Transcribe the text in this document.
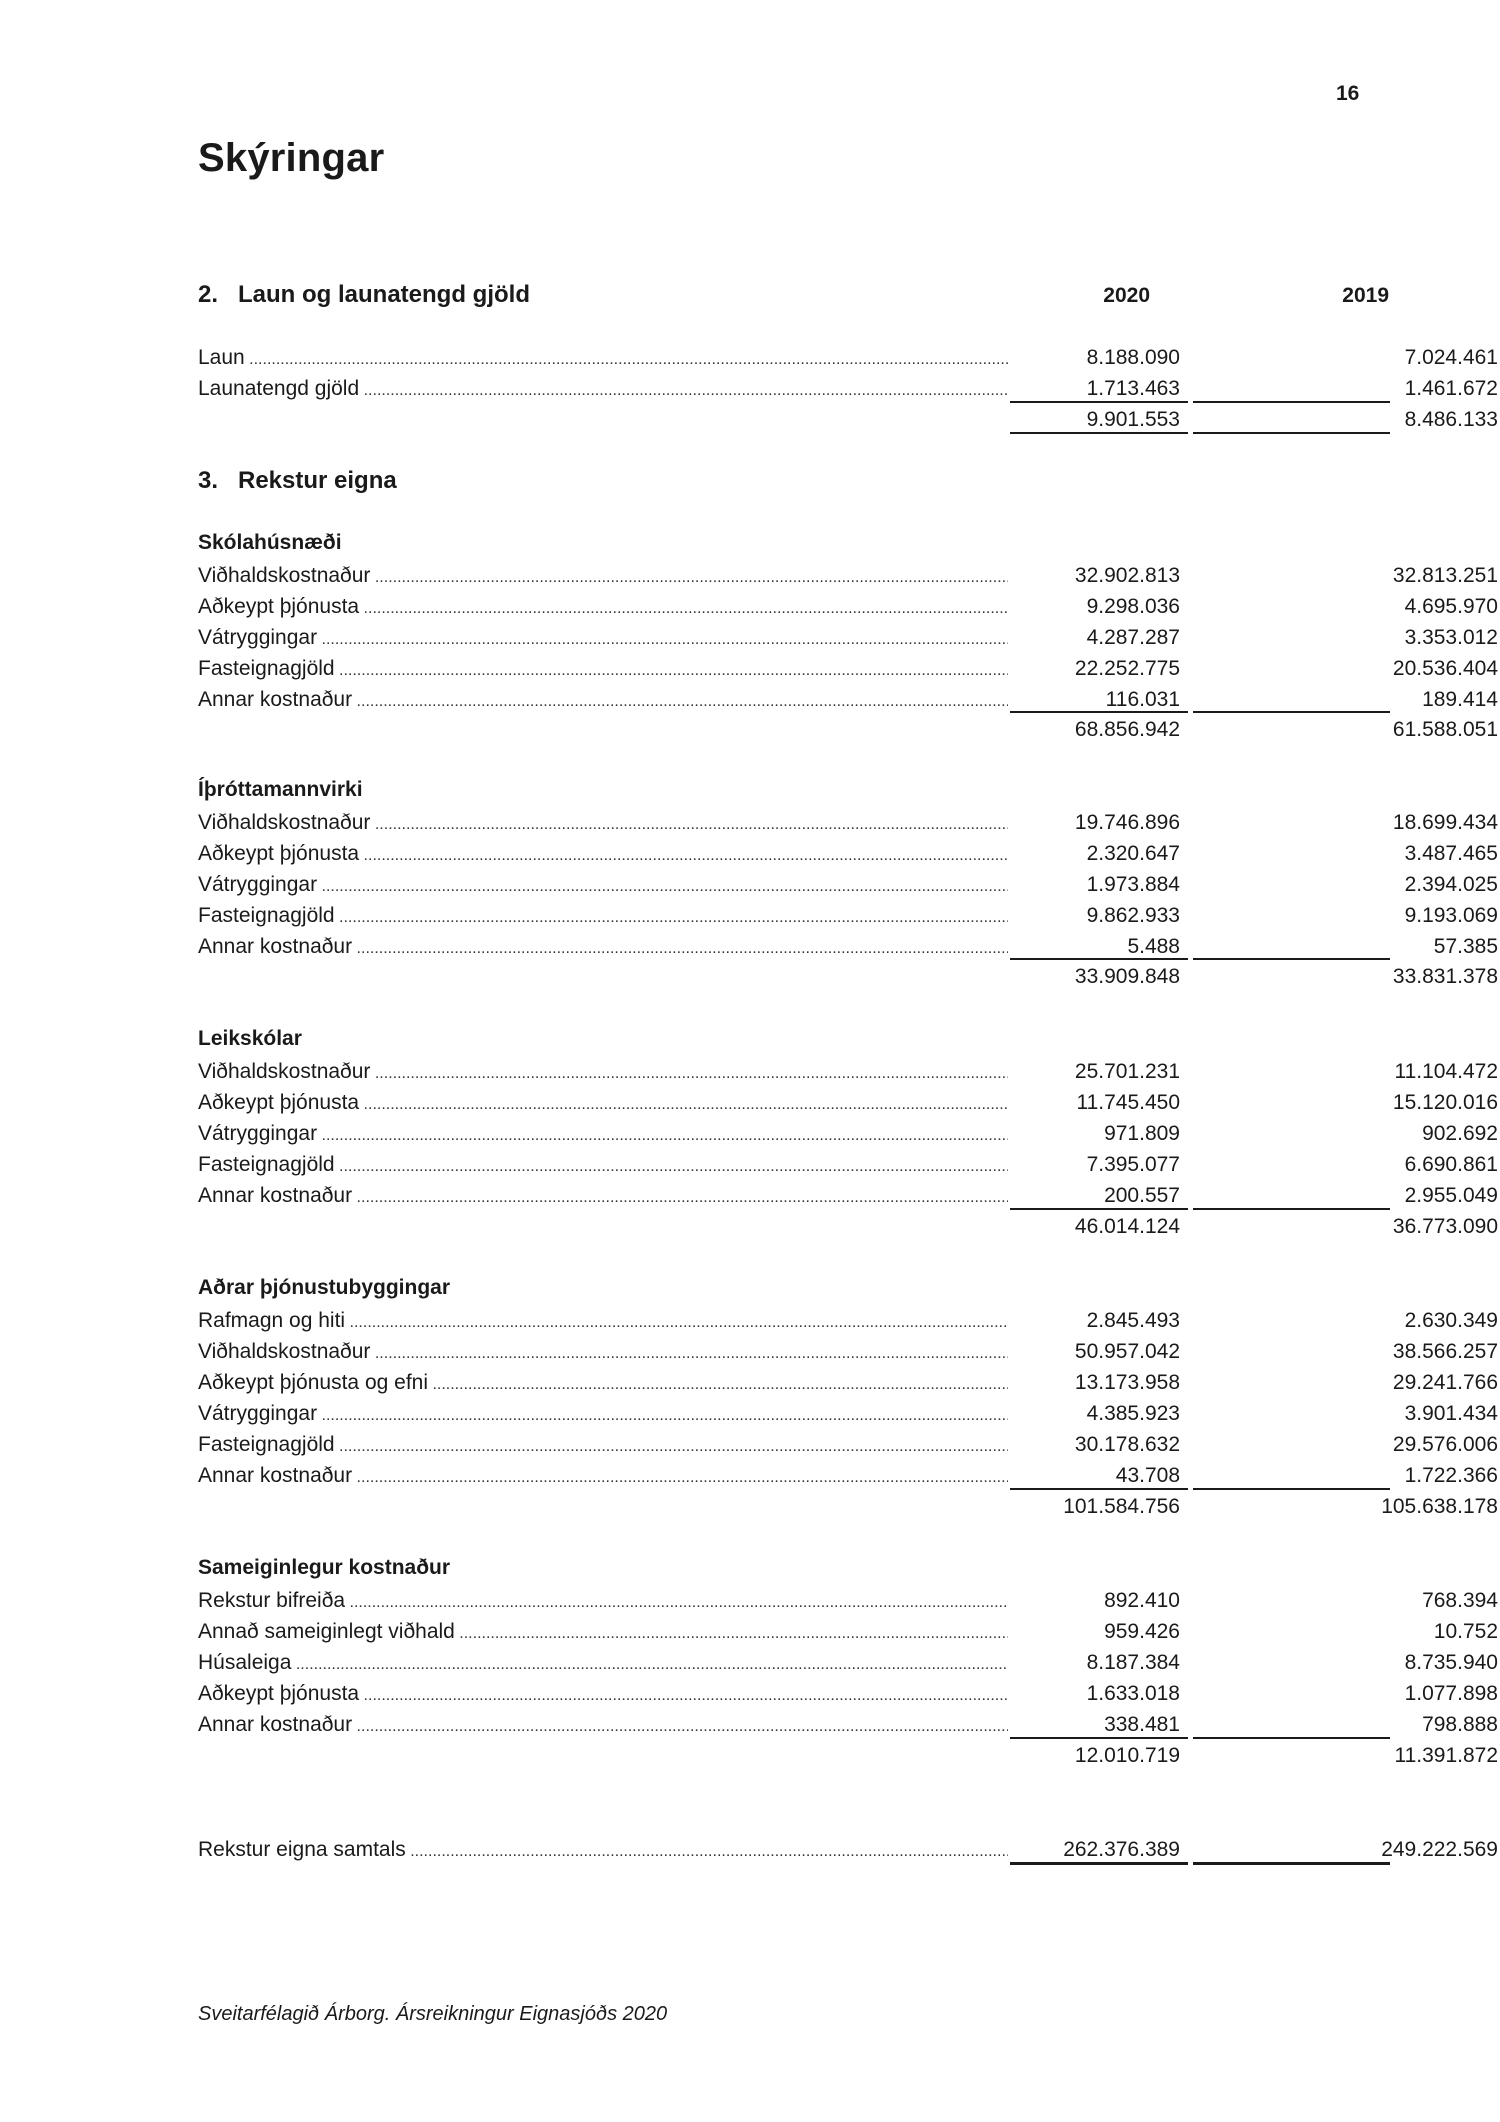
16
Skýringar
2. Laun og launatengd gjöld	2020	2019
Laun .....	8.188.090	7.024.461
Launatengd gjöld .....	1.713.463	1.461.672
9.901.553	8.486.133
3. Rekstur eigna
Skólahúsnæði
Viðhaldskostnaður .....	32.902.813	32.813.251
Aðkeypt þjónusta .....	9.298.036	4.695.970
Vátryggingar .....	4.287.287	3.353.012
Fasteignagjöld .....	22.252.775	20.536.404
Annar kostnaður .....	116.031	189.414
68.856.942	61.588.051
Íþróttamannvirki
Viðhaldskostnaður .....	19.746.896	18.699.434
Aðkeypt þjónusta .....	2.320.647	3.487.465
Vátryggingar .....	1.973.884	2.394.025
Fasteignagjöld .....	9.862.933	9.193.069
Annar kostnaður .....	5.488	57.385
33.909.848	33.831.378
Leikskólar
Viðhaldskostnaður .....	25.701.231	11.104.472
Aðkeypt þjónusta .....	11.745.450	15.120.016
Vátryggingar .....	971.809	902.692
Fasteignagjöld .....	7.395.077	6.690.861
Annar kostnaður .....	200.557	2.955.049
46.014.124	36.773.090
Aðrar þjónustubyggingar
Rafmagn og hiti .....	2.845.493	2.630.349
Viðhaldskostnaður .....	50.957.042	38.566.257
Aðkeypt þjónusta og efni .....	13.173.958	29.241.766
Vátryggingar .....	4.385.923	3.901.434
Fasteignagjöld .....	30.178.632	29.576.006
Annar kostnaður .....	43.708	1.722.366
101.584.756	105.638.178
Sameiginlegur kostnaður
Rekstur bifreiða .....	892.410	768.394
Annað sameiginlegt viðhald .....	959.426	10.752
Húsaleiga .....	8.187.384	8.735.940
Aðkeypt þjónusta .....	1.633.018	1.077.898
Annar kostnaður .....	338.481	798.888
12.010.719	11.391.872
Rekstur eigna samtals .....	262.376.389	249.222.569
Sveitarfélagið Árborg. Ársreikningur Eignasjóðs 2020
